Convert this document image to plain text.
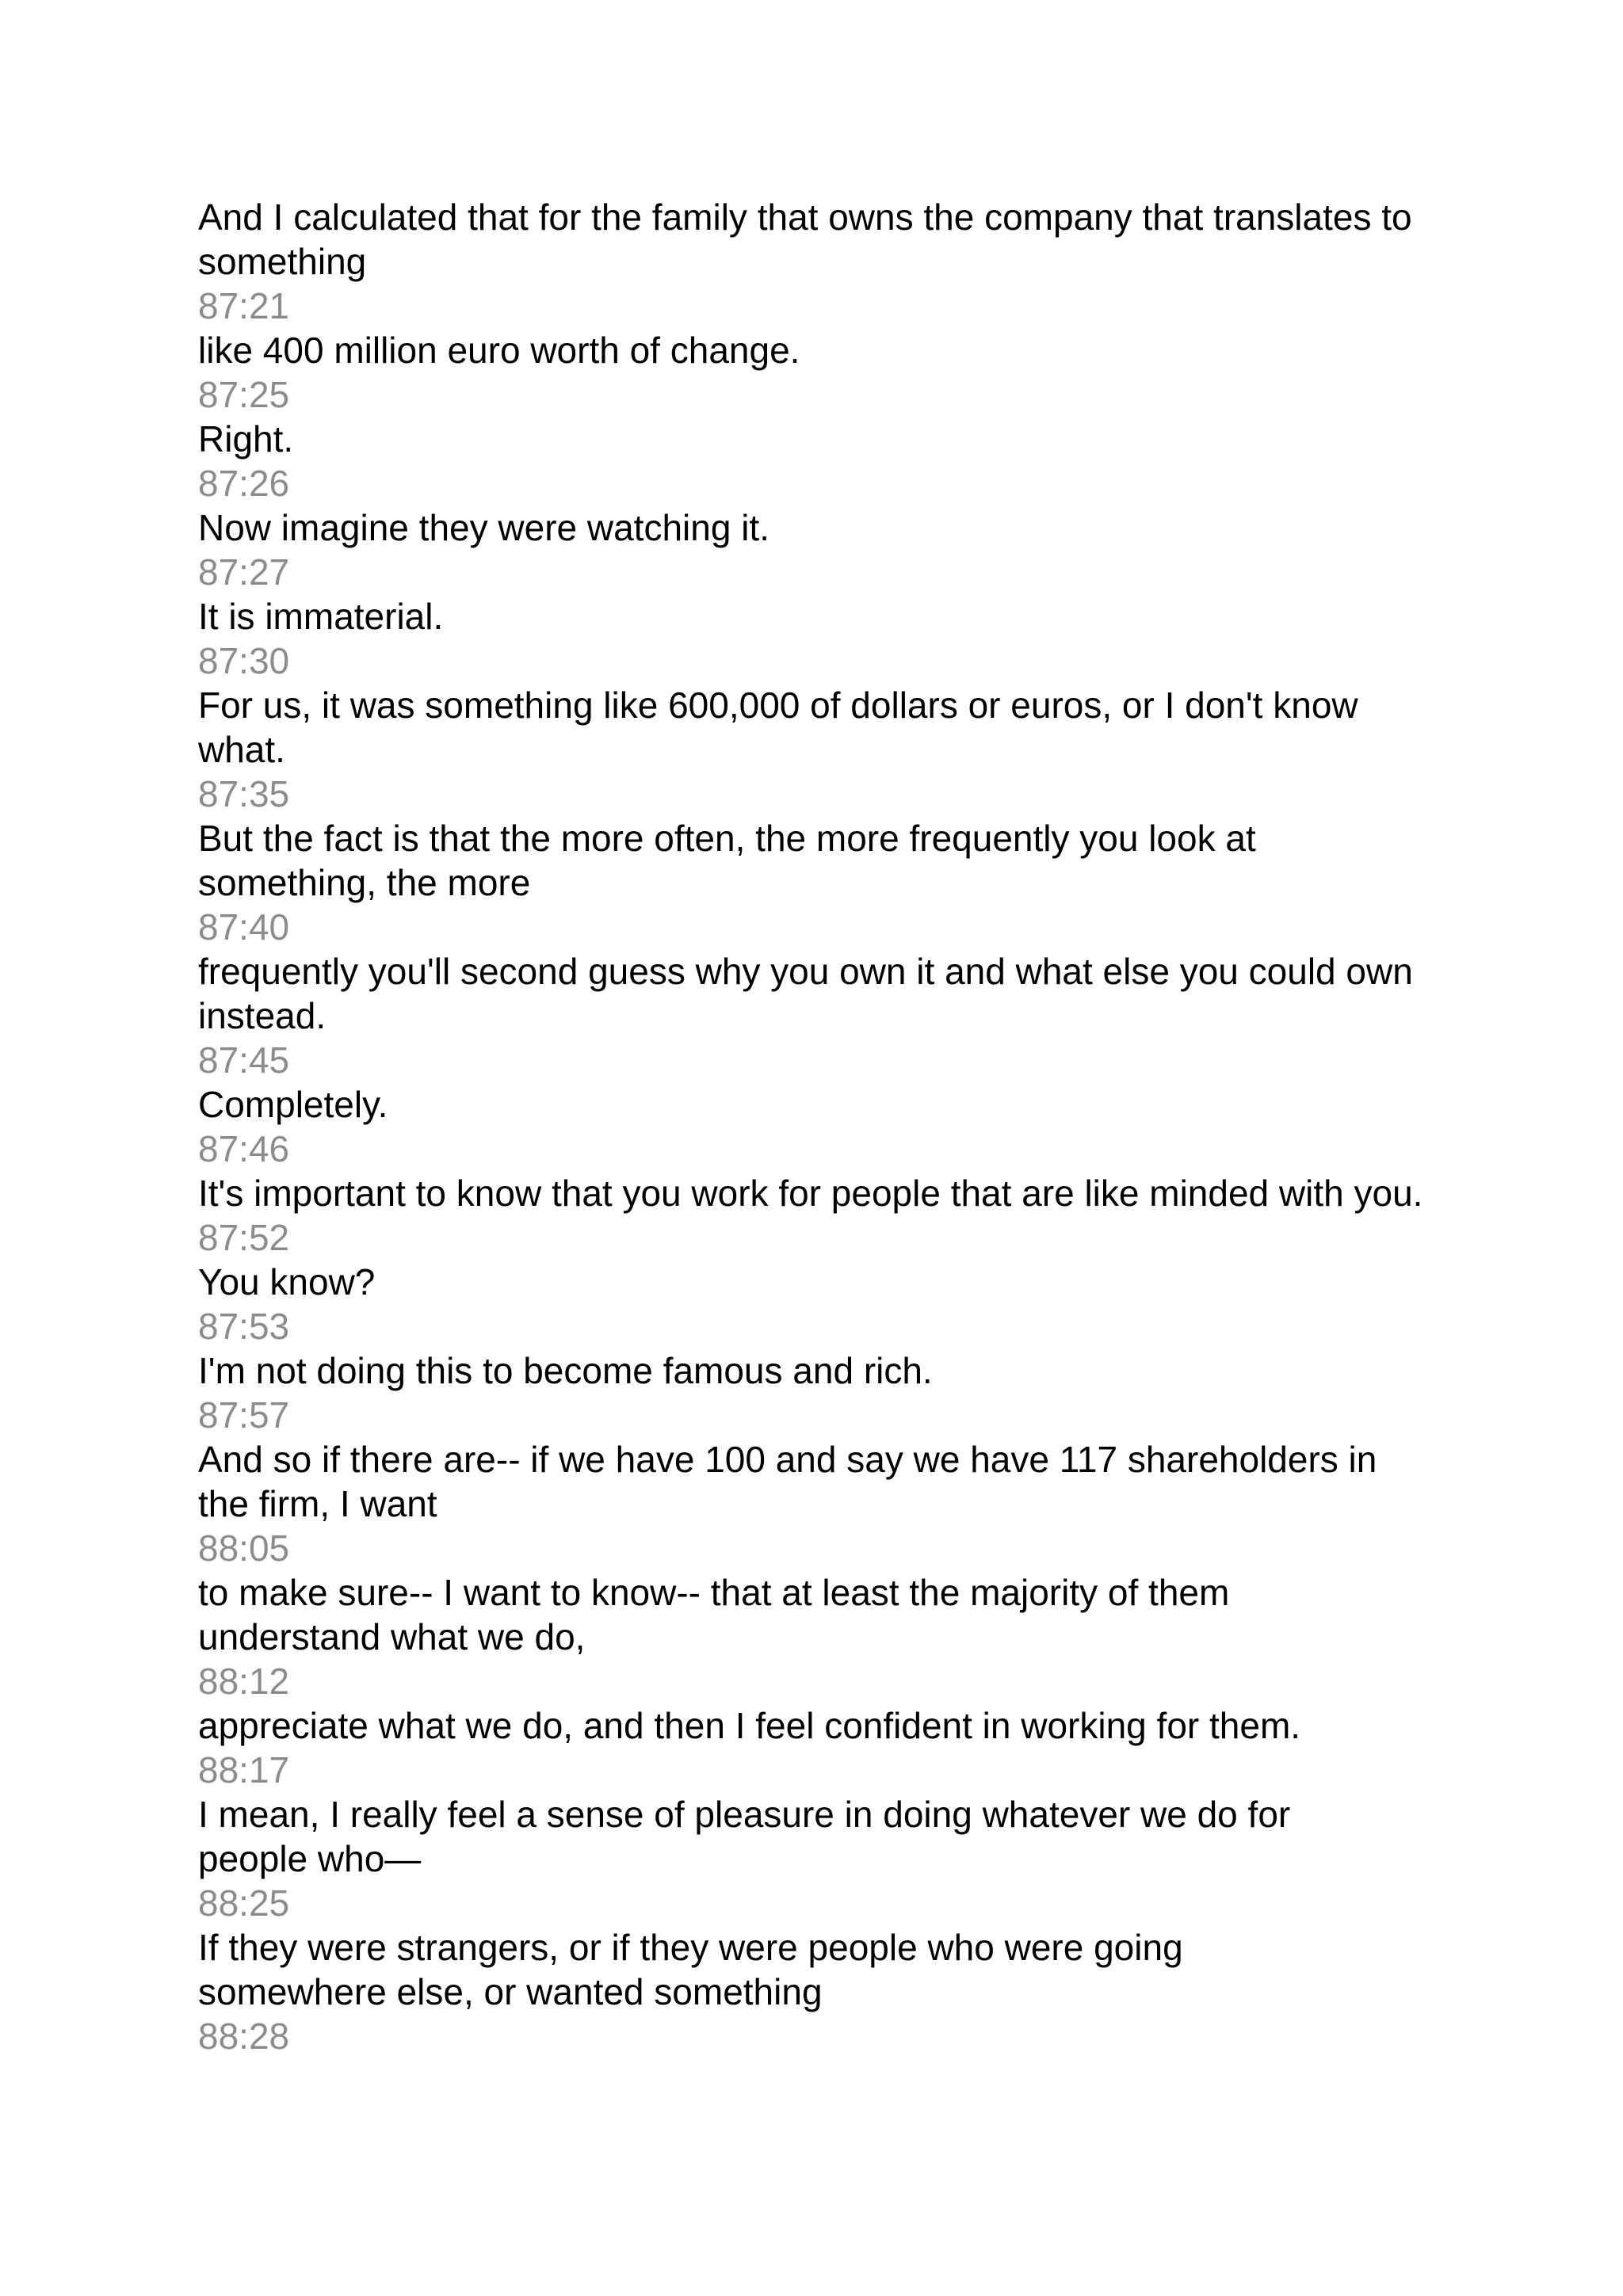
And I calculated that for the family that owns the company that translates to something
87:21
like 400 million euro worth of change.
87:25
Right.
87:26
Now imagine they were watching it.
87:27
It is immaterial.
87:30
For us, it was something like 600,000 of dollars or euros, or I don't know what.
87:35
But the fact is that the more often, the more frequently you look at something, the more
87:40
frequently you'll second guess why you own it and what else you could own instead.
87:45
Completely.
87:46
It's important to know that you work for people that are like minded with you.
87:52
You know?
87:53
I'm not doing this to become famous and rich.
87:57
And so if there are-- if we have 100 and say we have 117 shareholders in the firm, I want
88:05
to make sure-- I want to know-- that at least the majority of them understand what we do,
88:12
appreciate what we do, and then I feel confident in working for them.
88:17
I mean, I really feel a sense of pleasure in doing whatever we do for people who—
88:25
If they were strangers, or if they were people who were going somewhere else, or wanted something
88:28
